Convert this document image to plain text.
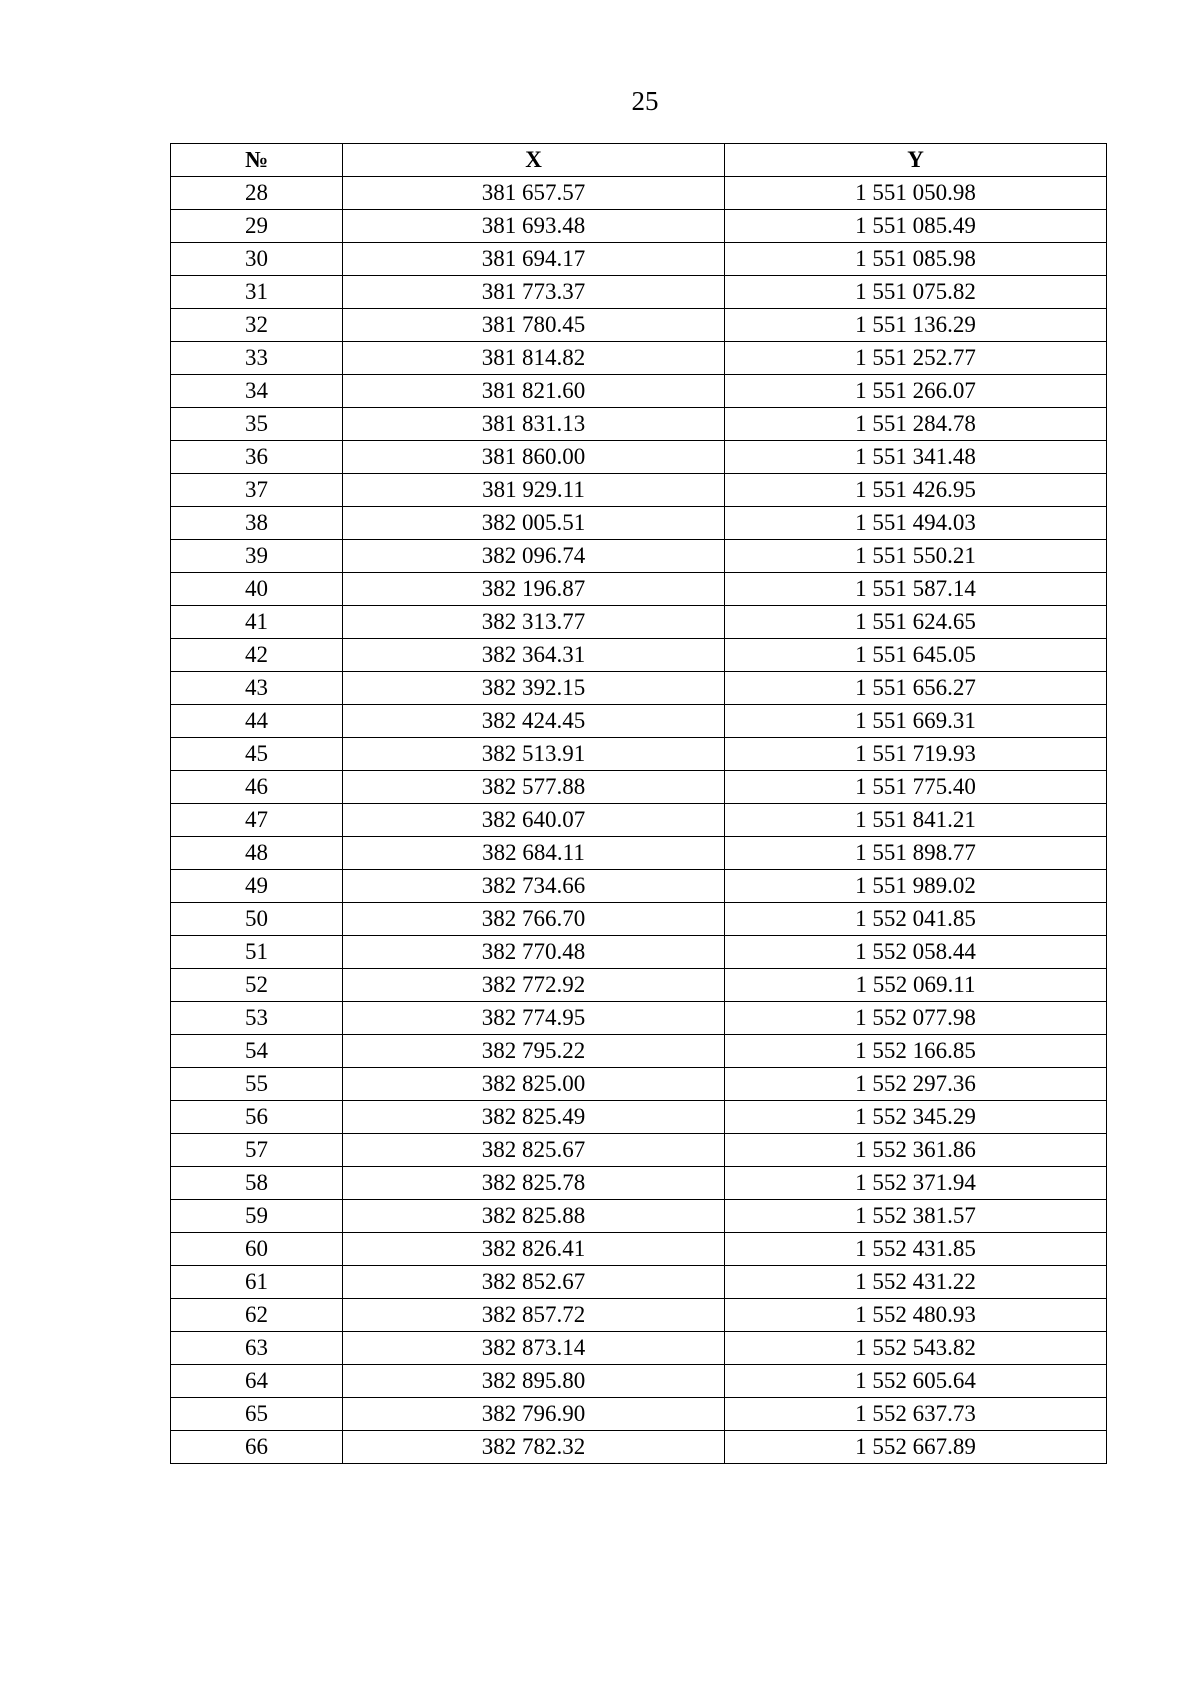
25
№	X	Y
28	381 657.57	1 551 050.98
29	381 693.48	1 551 085.49
30	381 694.17	1 551 085.98
31	381 773.37	1 551 075.82
32	381 780.45	1 551 136.29
33	381 814.82	1 551 252.77
34	381 821.60	1 551 266.07
35	381 831.13	1 551 284.78
36	381 860.00	1 551 341.48
37	381 929.11	1 551 426.95
38	382 005.51	1 551 494.03
39	382 096.74	1 551 550.21
40	382 196.87	1 551 587.14
41	382 313.77	1 551 624.65
42	382 364.31	1 551 645.05
43	382 392.15	1 551 656.27
44	382 424.45	1 551 669.31
45	382 513.91	1 551 719.93
46	382 577.88	1 551 775.40
47	382 640.07	1 551 841.21
48	382 684.11	1 551 898.77
49	382 734.66	1 551 989.02
50	382 766.70	1 552 041.85
51	382 770.48	1 552 058.44
52	382 772.92	1 552 069.11
53	382 774.95	1 552 077.98
54	382 795.22	1 552 166.85
55	382 825.00	1 552 297.36
56	382 825.49	1 552 345.29
57	382 825.67	1 552 361.86
58	382 825.78	1 552 371.94
59	382 825.88	1 552 381.57
60	382 826.41	1 552 431.85
61	382 852.67	1 552 431.22
62	382 857.72	1 552 480.93
63	382 873.14	1 552 543.82
64	382 895.80	1 552 605.64
65	382 796.90	1 552 637.73
66	382 782.32	1 552 667.89
